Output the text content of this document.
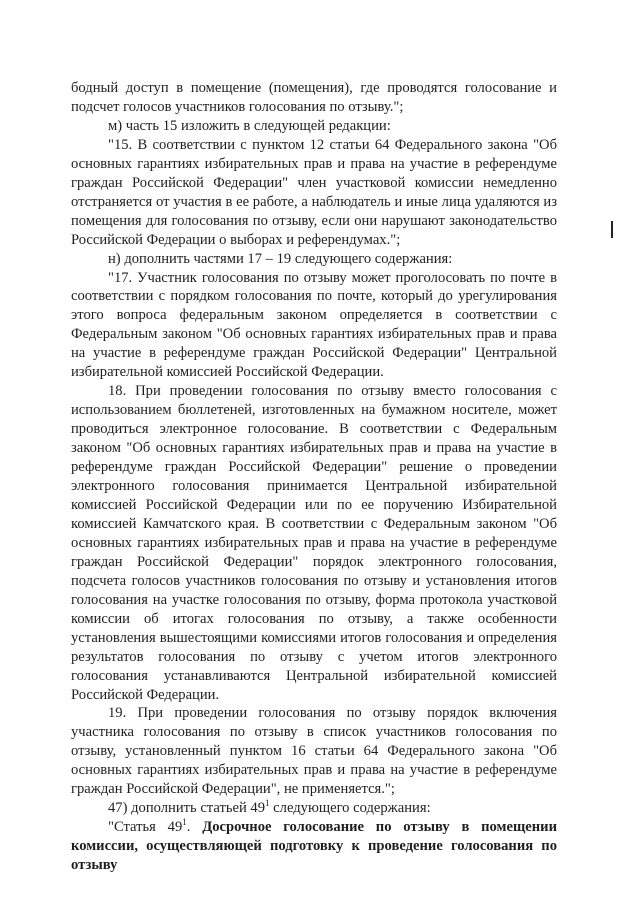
бодный доступ в помещение (помещения), где проводятся голосование и подсчет голосов участников голосования по отзыву.";

м) часть 15 изложить в следующей редакции:

"15. В соответствии с пунктом 12 статьи 64 Федерального закона "Об основных гарантиях избирательных прав и права на участие в референдуме граждан Российской Федерации" член участковой комиссии немедленно отстраняется от участия в ее работе, а наблюдатель и иные лица удаляются из помещения для голосования по отзыву, если они нарушают законодательство Российской Федерации о выборах и референдумах.";

н) дополнить частями 17 – 19 следующего содержания:

"17. Участник голосования по отзыву может проголосовать по почте в соответствии с порядком голосования по почте, который до урегулирования этого вопроса федеральным законом определяется в соответствии с Федеральным законом "Об основных гарантиях избирательных прав и права на участие в референдуме граждан Российской Федерации" Центральной избирательной комиссией Российской Федерации.

18. При проведении голосования по отзыву вместо голосования с использованием бюллетеней, изготовленных на бумажном носителе, может проводиться электронное голосование. В соответствии с Федеральным законом "Об основных гарантиях избирательных прав и права на участие в референдуме граждан Российской Федерации" решение о проведении электронного голосования принимается Центральной избирательной комиссией Российской Федерации или по ее поручению Избирательной комиссией Камчатского края. В соответствии с Федеральным законом "Об основных гарантиях избирательных прав и права на участие в референдуме граждан Российской Федерации" порядок электронного голосования, подсчета голосов участников голосования по отзыву и установления итогов голосования на участке голосования по отзыву, форма протокола участковой комиссии об итогах голосования по отзыву, а также особенности установления вышестоящими комиссиями итогов голосования и определения результатов голосования по отзыву с учетом итогов электронного голосования устанавливаются Центральной избирательной комиссией Российской Федерации.

19. При проведении голосования по отзыву порядок включения участника голосования по отзыву в список участников голосования по отзыву, установленный пунктом 16 статьи 64 Федерального закона "Об основных гарантиях избирательных прав и права на участие в референдуме граждан Российской Федерации", не применяется.";

47) дополнить статьей $49^1$ следующего содержания:

"Статья $49^1$. Досрочное голосование по отзыву в помещении комиссии, осуществляющей подготовку к проведение голосования по отзыву
